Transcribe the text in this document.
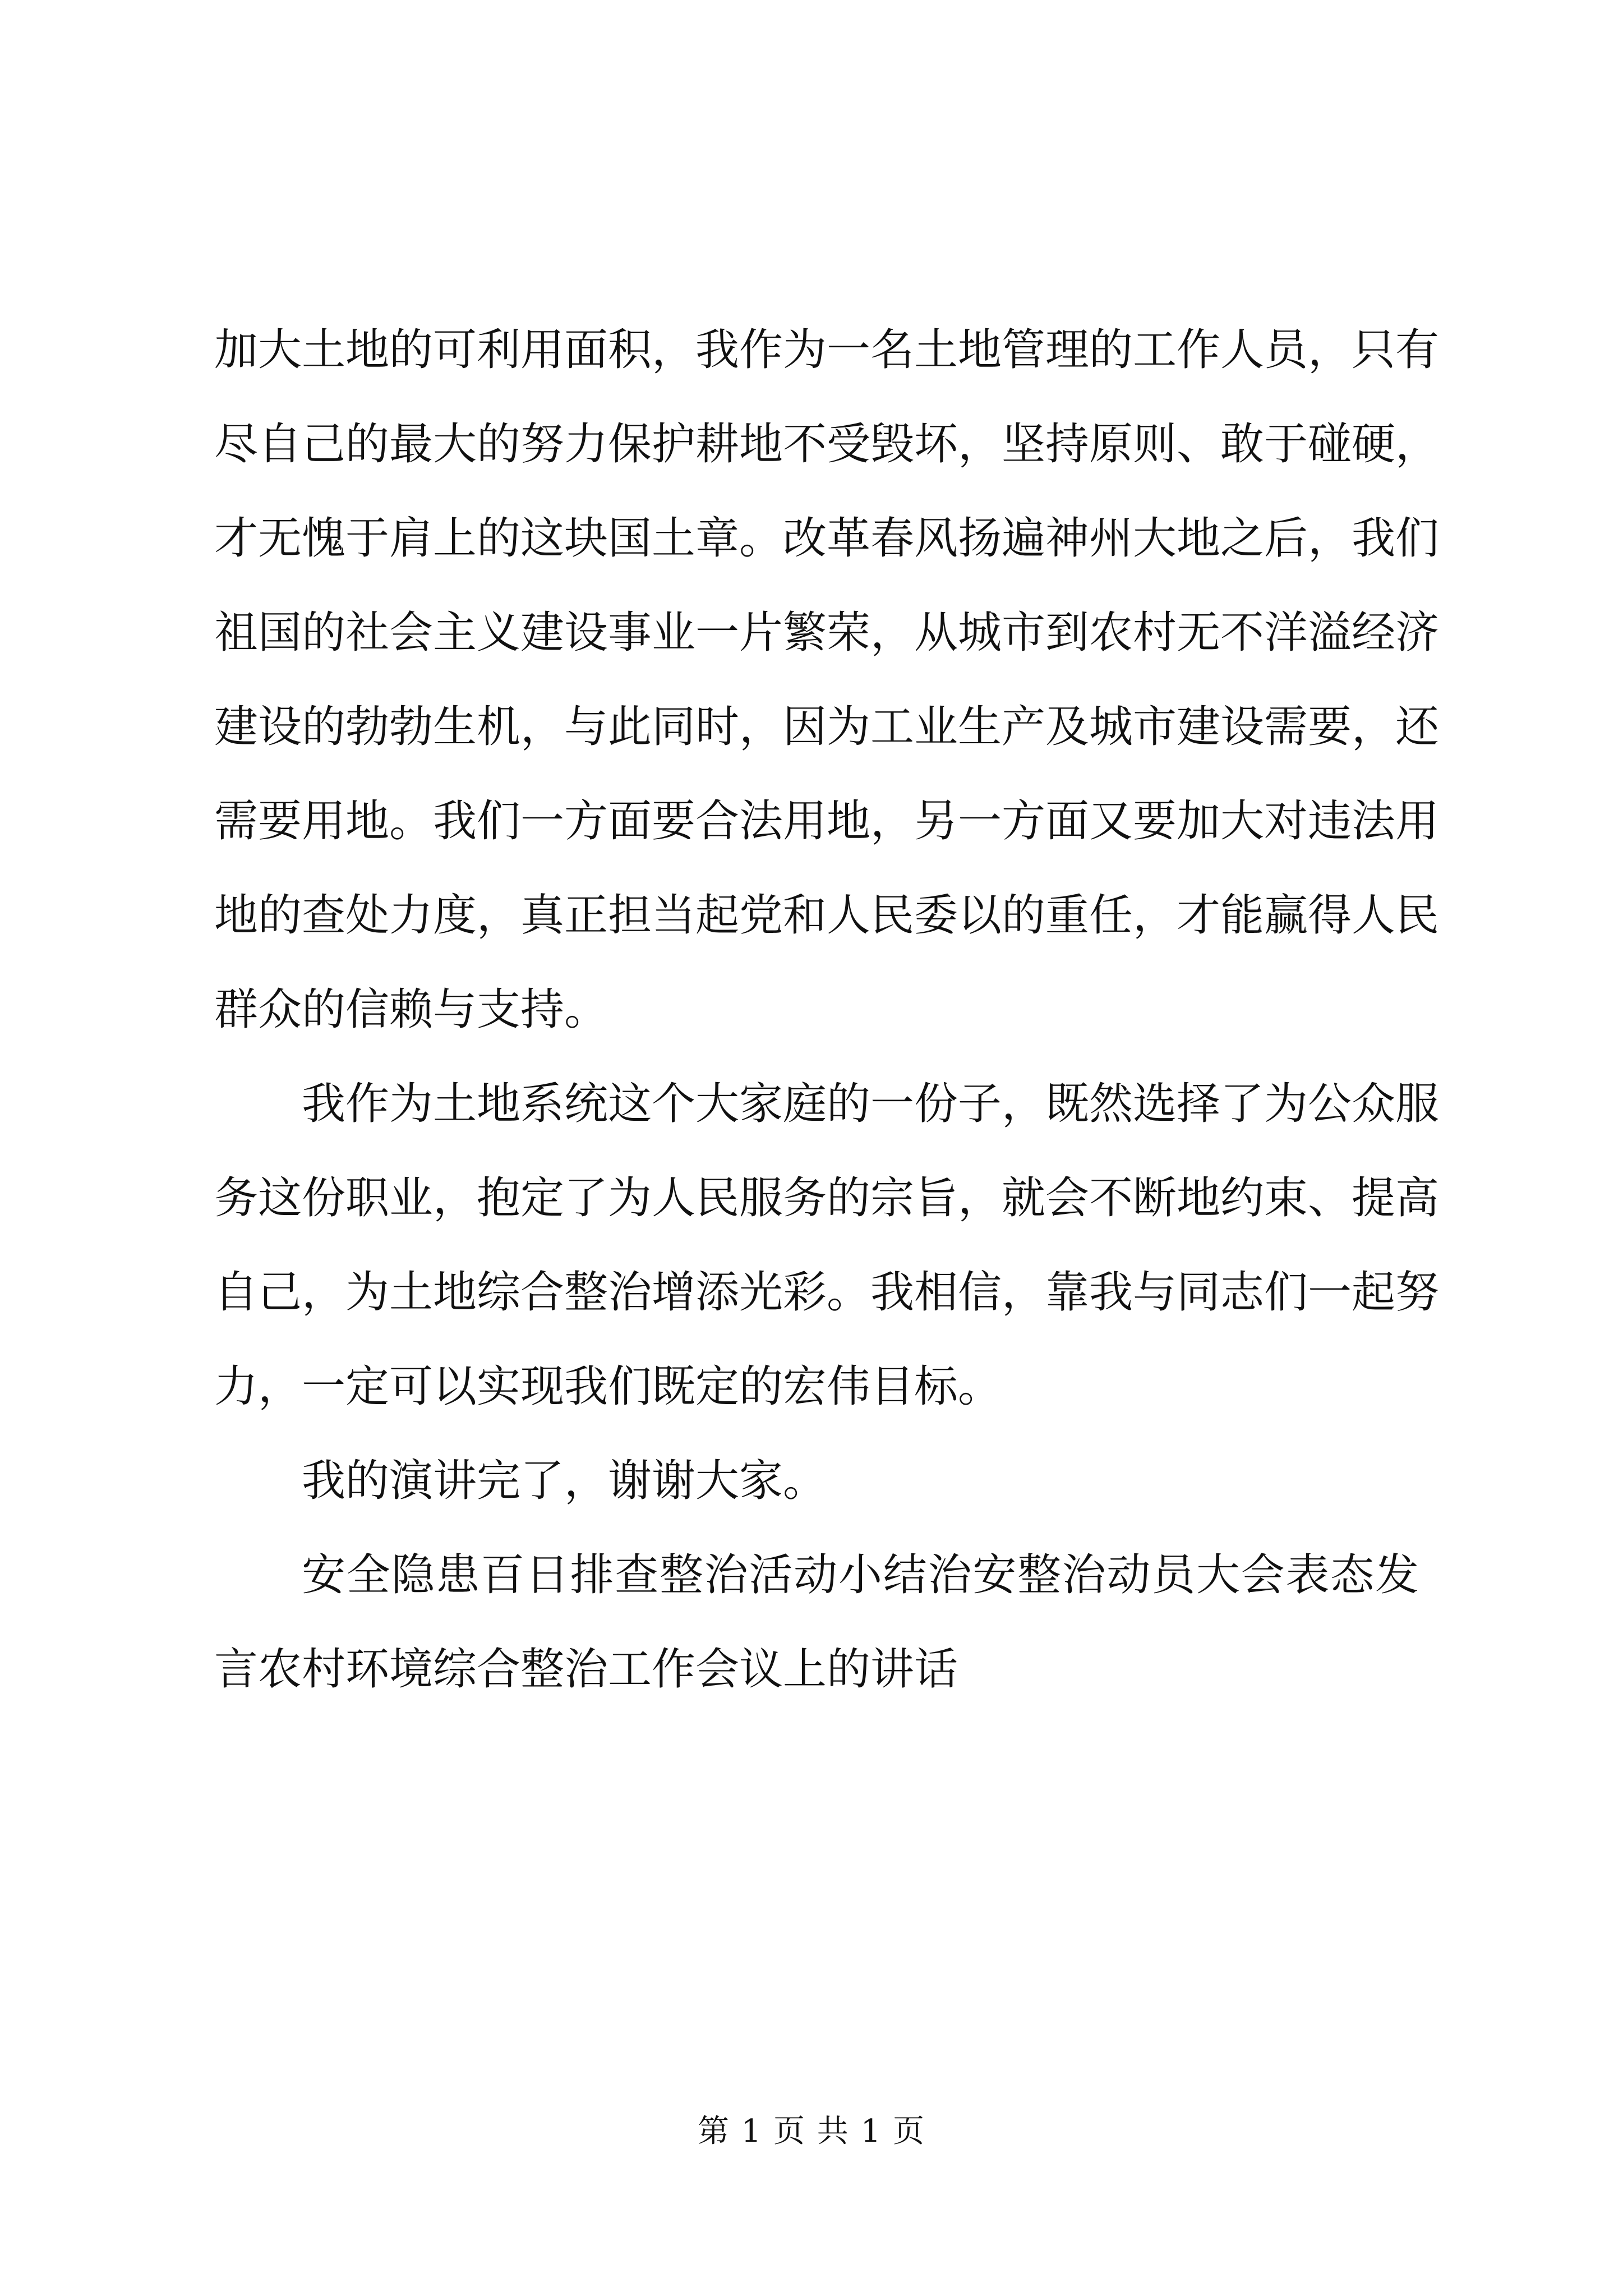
加大土地的可利用面积，我作为一名土地管理的工作人员，只有

尽自己的最大的努力保护耕地不受毁坏，坚持原则、敢于碰硬，

才无愧于肩上的这块国土章。改革春风扬遍神州大地之后，我们

祖国的社会主义建设事业一片繁荣，从城市到农村无不洋溢经济

建设的勃勃生机，与此同时，因为工业生产及城市建设需要，还

需要用地。我们一方面要合法用地，另一方面又要加大对违法用

地的查处力度，真正担当起党和人民委以的重任，才能赢得人民

群众的信赖与支持。

我作为土地系统这个大家庭的一份子，既然选择了为公众服

务这份职业，抱定了为人民服务的宗旨，就会不断地约束、提高

自己，为土地综合整治增添光彩。我相信，靠我与同志们一起努

力，一定可以实现我们既定的宏伟目标。

我的演讲完了，谢谢大家。

安全隐患百日排查整治活动小结治安整治动员大会表态发

言农村环境综合整治工作会议上的讲话

第 1 页 共 1 页
